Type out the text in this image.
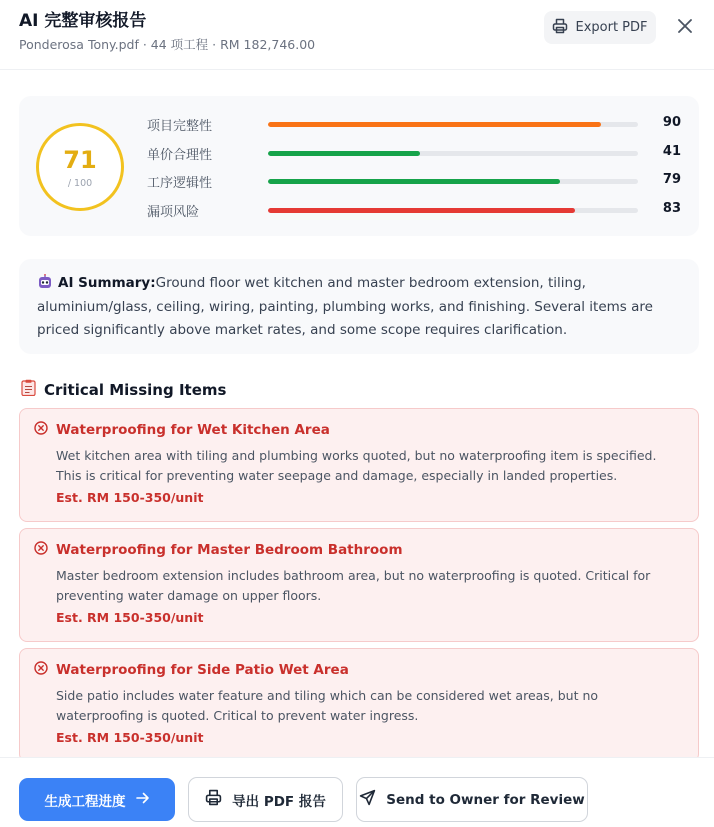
AI 完整审核报告
Ponderosa Tony.pdf · 44 项工程 · RM 182,746.00
Export PDF
71
/ 100
项目完整性	90
单价合理性	41
工序逻辑性	79
漏项风险	83
AI Summary:Ground floor wet kitchen and master bedroom extension, tiling, aluminium/glass, ceiling, wiring, painting, plumbing works, and finishing. Several items are priced significantly above market rates, and some scope requires clarification.
Critical Missing Items
Waterproofing for Wet Kitchen Area
Wet kitchen area with tiling and plumbing works quoted, but no waterproofing item is specified. This is critical for preventing water seepage and damage, especially in landed properties.
Est. RM 150-350/unit
Waterproofing for Master Bedroom Bathroom
Master bedroom extension includes bathroom area, but no waterproofing is quoted. Critical for preventing water damage on upper floors.
Est. RM 150-350/unit
Waterproofing for Side Patio Wet Area
Side patio includes water feature and tiling which can be considered wet areas, but no waterproofing is quoted. Critical to prevent water ingress.
Est. RM 150-350/unit
生成工程进度	导出 PDF 报告	Send to Owner for Review
